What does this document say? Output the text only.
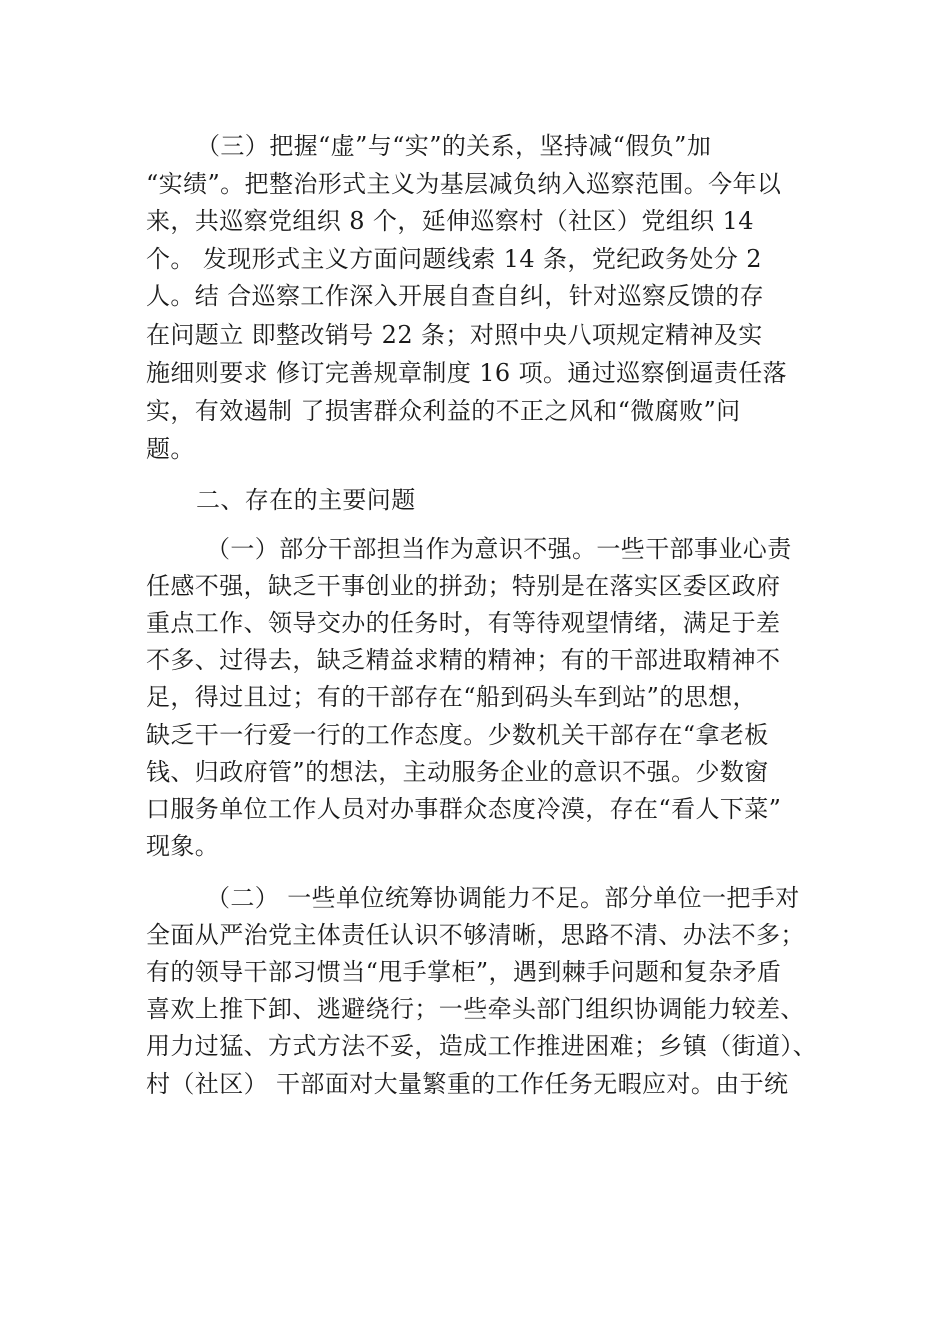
（三）把握“虚”与“实”的关系，坚持减“假负”加
“实绩”。把整治形式主义为基层减负纳入巡察范围。今年以
来，共巡察党组织 8 个，延伸巡察村（社区）党组织 14
个。 发现形式主义方面问题线索 14 条，党纪政务处分 2
人。结 合巡察工作深入开展自查自纠，针对巡察反馈的存
在问题立 即整改销号 22 条；对照中央八项规定精神及实
施细则要求 修订完善规章制度 16 项。通过巡察倒逼责任落
实，有效遏制 了损害群众利益的不正之风和“微腐败”问
题。
二、存在的主要问题
（一）部分干部担当作为意识不强。一些干部事业心责
任感不强，缺乏干事创业的拼劲；特别是在落实区委区政府
重点工作、领导交办的任务时，有等待观望情绪，满足于差
不多、过得去，缺乏精益求精的精神；有的干部进取精神不
足，得过且过；有的干部存在“船到码头车到站”的思想，
缺乏干一行爱一行的工作态度。少数机关干部存在“拿老板
钱、归政府管”的想法，主动服务企业的意识不强。少数窗
口服务单位工作人员对办事群众态度冷漠，存在“看人下菜”
现象。
（二） 一些单位统筹协调能力不足。部分单位一把手对
全面从严治党主体责任认识不够清晰，思路不清、办法不多；
有的领导干部习惯当“甩手掌柜”，遇到棘手问题和复杂矛盾
喜欢上推下卸、逃避绕行；一些牵头部门组织协调能力较差、
用力过猛、方式方法不妥，造成工作推进困难；乡镇（街道）、
村（社区） 干部面对大量繁重的工作任务无暇应对。由于统
